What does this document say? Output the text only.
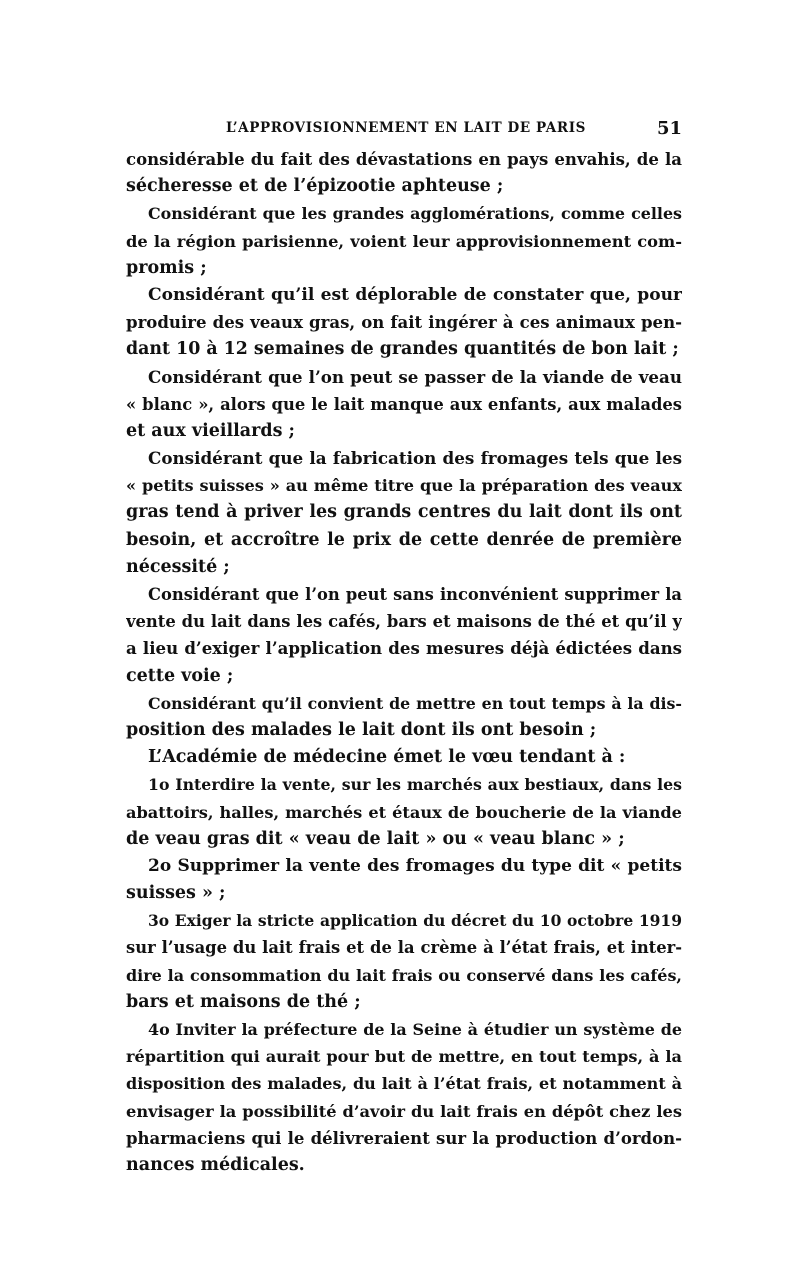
L’APPROVISIONNEMENT EN LAIT DE PARIS	51
considérable du fait des dévastations en pays envahis, de la
sécheresse et de l’épizootie aphteuse ;
Considérant que les grandes agglomérations, comme celles
de la région parisienne, voient leur approvisionnement com-
promis ;
Considérant qu’il est déplorable de constater que, pour
produire des veaux gras, on fait ingérer à ces animaux pen-
dant 10 à 12 semaines de grandes quantités de bon lait ;
Considérant que l’on peut se passer de la viande de veau
« blanc », alors que le lait manque aux enfants, aux malades
et aux vieillards ;
Considérant que la fabrication des fromages tels que les
« petits suisses » au même titre que la préparation des veaux
gras tend à priver les grands centres du lait dont ils ont
besoin, et accroître le prix de cette denrée de première
nécessité ;
Considérant que l’on peut sans inconvénient supprimer la
vente du lait dans les cafés, bars et maisons de thé et qu’il y
a lieu d’exiger l’application des mesures déjà édictées dans
cette voie ;
Considérant qu’il convient de mettre en tout temps à la dis-
position des malades le lait dont ils ont besoin ;
L’Académie de médecine émet le vœu tendant à :
1o Interdire la vente, sur les marchés aux bestiaux, dans les
abattoirs, halles, marchés et étaux de boucherie de la viande
de veau gras dit « veau de lait » ou « veau blanc » ;
2o Supprimer la vente des fromages du type dit « petits
suisses » ;
3o Exiger la stricte application du décret du 10 octobre 1919
sur l’usage du lait frais et de la crème à l’état frais, et inter-
dire la consommation du lait frais ou conservé dans les cafés,
bars et maisons de thé ;
4o Inviter la préfecture de la Seine à étudier un système de
répartition qui aurait pour but de mettre, en tout temps, à la
disposition des malades, du lait à l’état frais, et notamment à
envisager la possibilité d’avoir du lait frais en dépôt chez les
pharmaciens qui le délivreraient sur la production d’ordon-
nances médicales.
